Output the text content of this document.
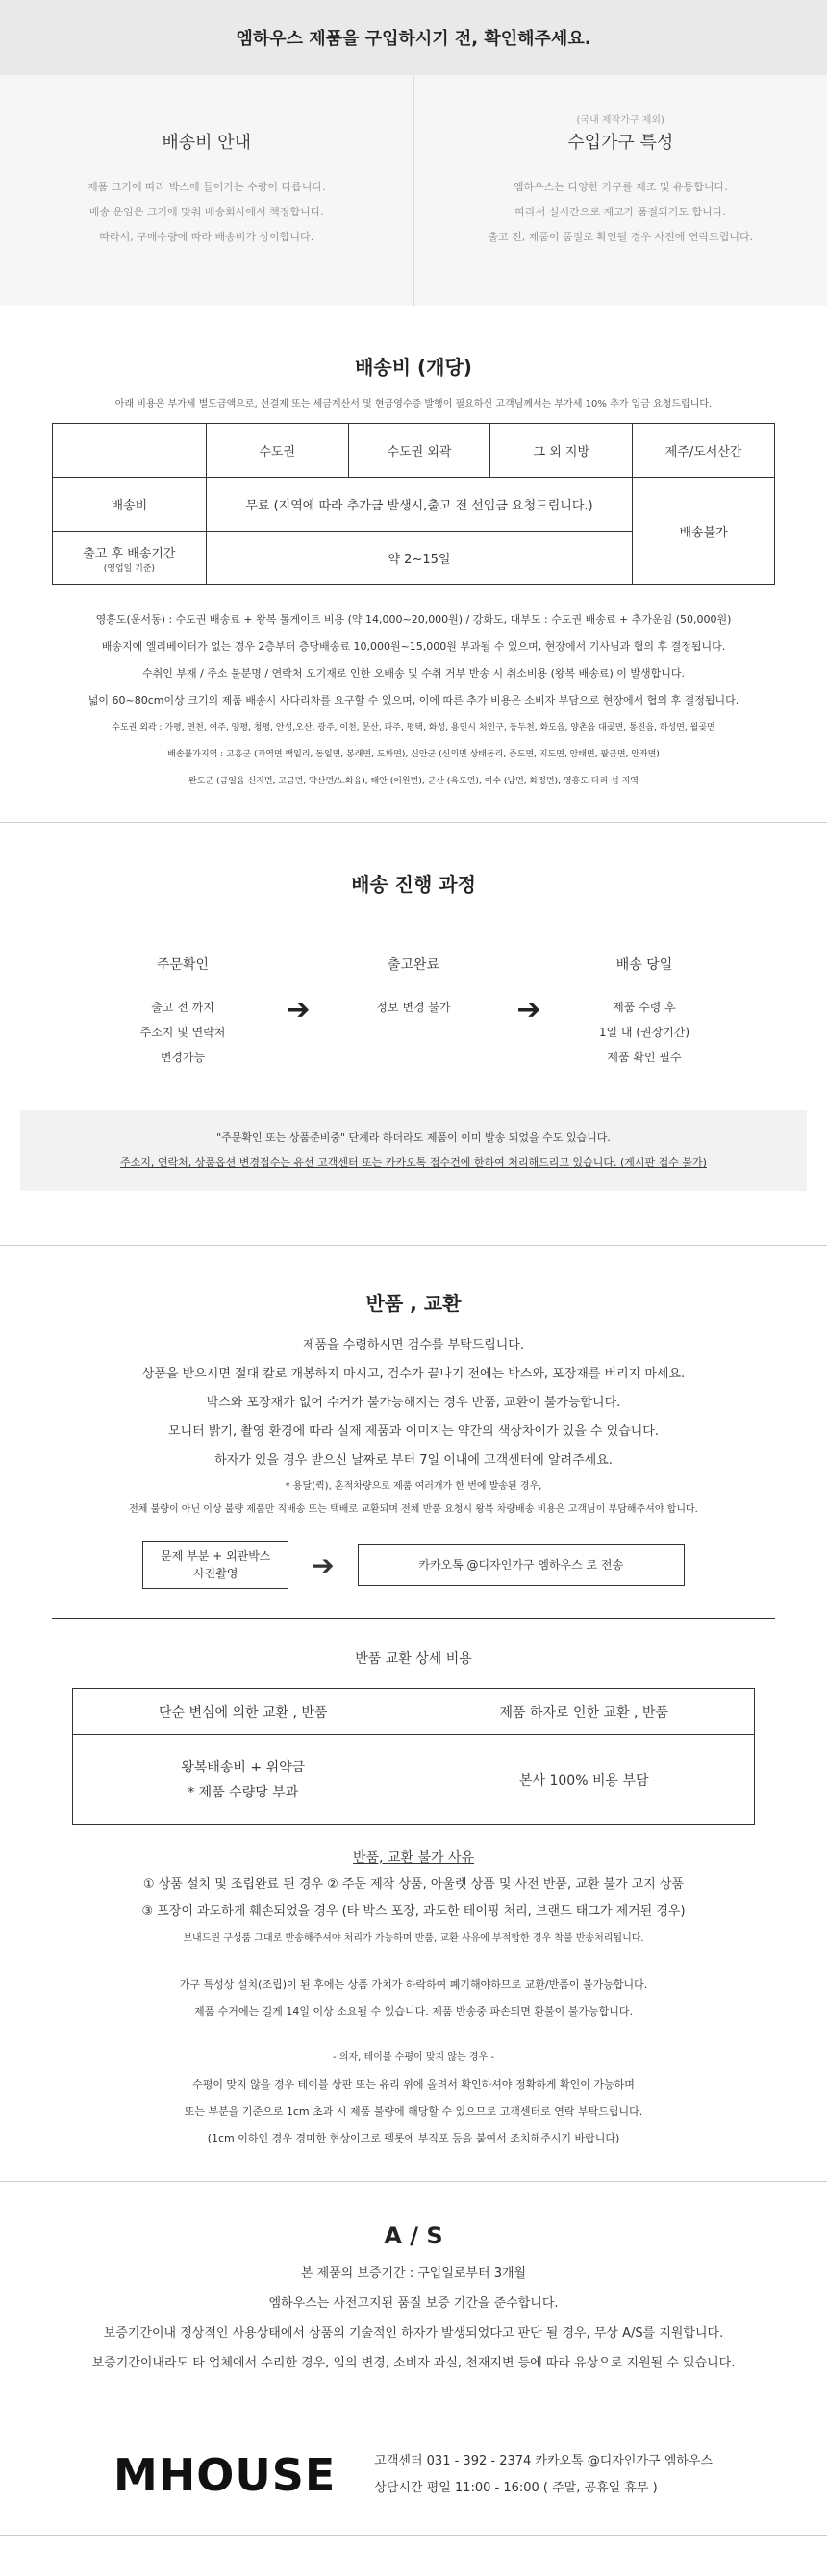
엠하우스 제품을 구입하시기 전, 확인해주세요.
배송비 안내
제품 크기에 따라 박스에 들어가는 수량이 다릅니다.
배송 운임은 크기에 맞춰 배송회사에서 책정합니다.
따라서, 구매수량에 따라 배송비가 상이합니다.
(국내 제작가구 제외)
수입가구 특성
엠하우스는 다양한 가구를 제조 및 유통합니다.
따라서 실시간으로 재고가 품절되기도 합니다.
출고 전, 제품이 품절로 확인될 경우 사전에 연락드립니다.
배송비 (개당)
아래 비용은 부가세 별도금액으로, 선결제 또는 세금계산서 및 현금영수증 발행이 필요하신 고객님께서는 부가세 10% 추가 입금 요청드립니다.
	수도권	수도권 외곽	그 외 지방	제주/도서산간
배송비	무료 (지역에 따라 추가금 발생시,출고 전 선입금 요청드립니다.)			배송불가
출고 후 배송기간
(영업일 기준)	약 2~15일			
영흥도(운서동) : 수도권 배송료 + 왕복 톨게이트 비용 (약 14,000~20,000원) / 강화도, 대부도 : 수도권 배송료 + 추가운임 (50,000원)
배송지에 엘리베이터가 없는 경우 2층부터 층당배송료 10,000원~15,000원 부과될 수 있으며, 현장에서 기사님과 협의 후 결정됩니다.
수취인 부재 / 주소 불분명 / 연락처 오기재로 인한 오배송 및 수취 거부 반송 시 취소비용 (왕복 배송료) 이 발생합니다.
넓이 60~80cm이상 크기의 제품 배송시 사다리차를 요구할 수 있으며, 이에 따른 추가 비용은 소비자 부담으로 현장에서 협의 후 결정됩니다.
수도권 외곽 : 가평, 연천, 여주, 양평, 청평, 안성,오산, 광주, 이천, 문산, 파주, 평택, 화성, 용인시 처인구, 동두천, 화도읍, 양촌읍 대곶면, 통진읍, 하성면, 월곶면
배송불가지역 : 고흥군 (과역면 백일리, 동일면, 봉래면, 도화면), 신안군 (신의면 상태동리, 증도면, 지도면, 암태면, 팔금면, 안좌면)
완도군 (금일읍 신지면, 고금면, 약산면/노화읍), 태안 (이원면), 군산 (옥도면), 여수 (남면, 화정면), 영흥도 다리 섬 지역
배송 진행 과정
주문확인
출고 전 까지
주소지 및 연락처
변경가능
➔
출고완료
정보 변경 불가	➔
배송 당일
제품 수령 후
1일 내 (권장기간)
제품 확인 필수
"주문확인 또는 상품준비중" 단계라 하더라도 제품이 이미 발송 되었을 수도 있습니다.
주소지, 연락처, 상품옵션 변경접수는 유선 고객센터 또는 카카오톡 접수건에 한하여 처리해드리고 있습니다. (게시판 접수 불가)
반품 , 교환
제품을 수령하시면 검수를 부탁드립니다.
상품을 받으시면 절대 칼로 개봉하지 마시고, 검수가 끝나기 전에는 박스와, 포장재를 버리지 마세요.
박스와 포장재가 없어 수거가 불가능해지는 경우 반품, 교환이 불가능합니다.
모니터 밝기, 촬영 환경에 따라 실제 제품과 이미지는 약간의 색상차이가 있을 수 있습니다.
하자가 있을 경우 받으신 날짜로 부터 7일 이내에 고객센터에 알려주세요.
* 용달(퀵), 혼적차량으로 제품 여러개가 한 번에 발송된 경우,
전체 불량이 아닌 이상 불량 제품만 직배송 또는 택배로 교환되며 전체 반품 요청시 왕복 차량배송 비용은 고객님이 부담해주셔야 합니다.
문제 부분 + 외관박스
사진촬영	➔	카카오톡 @디자인가구 엠하우스 로 전송
반품 교환 상세 비용
단순 변심에 의한 교환 , 반품	제품 하자로 인한 교환 , 반품

왕복배송비 + 위약금
* 제품 수량당 부과	본사 100% 비용 부담
반품, 교환 불가 사유
① 상품 설치 및 조립완료 된 경우 ② 주문 제작 상품, 아울렛 상품 및 사전 반품, 교환 불가 고지 상품
③ 포장이 과도하게 훼손되었을 경우 (타 박스 포장, 과도한 테이핑 처리, 브랜드 태그가 제거된 경우)
보내드린 구성품 그대로 반송해주셔야 처리가 가능하며 반품, 교환 사유에 부적합한 경우 착불 반송처리됩니다.
가구 특성상 설치(조립)이 된 후에는 상품 가치가 하락하여 폐기해야하므로 교환/반품이 불가능합니다.
제품 수거에는 길게 14일 이상 소요될 수 있습니다. 제품 반송중 파손되면 환불이 불가능합니다.
- 의자, 테이블 수평이 맞지 않는 경우 -
수평이 맞지 않을 경우 테이블 상판 또는 유리 위에 올려서 확인하셔야 정확하게 확인이 가능하며
또는 부분을 기준으로 1cm 초과 시 제품 불량에 해당할 수 있으므로 고객센터로 연락 부탁드립니다.
(1cm 이하인 경우 경미한 현상이므로 펠롯에 부직포 등을 붙여서 조치해주시기 바랍니다)
A / S
본 제품의 보증기간 : 구입일로부터 3개월
엠하우스는 사전고지된 품질 보증 기간을 준수합니다.
보증기간이내 정상적인 사용상태에서 상품의 기술적인 하자가 발생되었다고 판단 될 경우, 무상 A/S를 지원합니다.
보증기간이내라도 타 업체에서 수리한 경우, 임의 변경, 소비자 과실, 천재지변 등에 따라 유상으로 지원될 수 있습니다.
MHOUSE	고객센터 031 - 392 - 2374 카카오톡 @디자인가구 엠하우스
상담시간 평일 11:00 - 16:00 ( 주말, 공휴일 휴무 )
